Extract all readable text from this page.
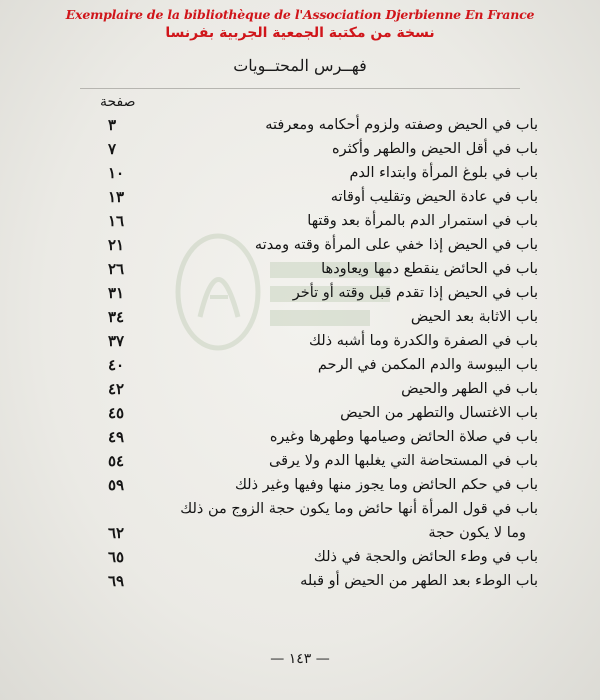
Exemplaire de la bibliothèque de l'Association Djerbienne En France
نسخة من مكتبة الجمعية الجربية بفرنسا
فهــرس المحتــويات
صفحة
باب في الحيض وصفته ولزوم أحكامه ومعرفته
٣
باب في أقل الحيض والطهر وأكثره
٧
باب في بلوغ المرأة وابتداء الدم
١٠
باب في عادة الحيض وتقليب أوقاته
١٣
باب في استمرار الدم بالمرأة بعد وقتها
١٦
باب في الحيض إذا خفي على المرأة وقته ومدته
٢١
باب في الحائض ينقطع دمها ويعاودها
٢٦
باب في الحيض إذا تقدم قبل وقته أو تأخر
٣١
باب الاثابة بعد الحيض
٣٤
باب في الصفرة والكدرة وما أشبه ذلك
٣٧
باب اليبوسة والدم المكمن في الرحم
٤٠
باب في الطهر والحيض
٤٢
باب الاغتسال والتطهر من الحيض
٤٥
باب في صلاة الحائض وصيامها وطهرها وغيره
٤٩
باب في المستحاضة التي يغلبها الدم ولا يرقى
٥٤
باب في حكم الحائض وما يجوز منها وفيها وغير ذلك
٥٩
باب في قول المرأة أنها حائض وما يكون حجة الزوج من ذلك
وما لا يكون حجة
٦٢
باب في وطء الحائض والحجة في ذلك
٦٥
باب الوطء بعد الطهر من الحيض أو قبله
٦٩
— ١٤٣ —
